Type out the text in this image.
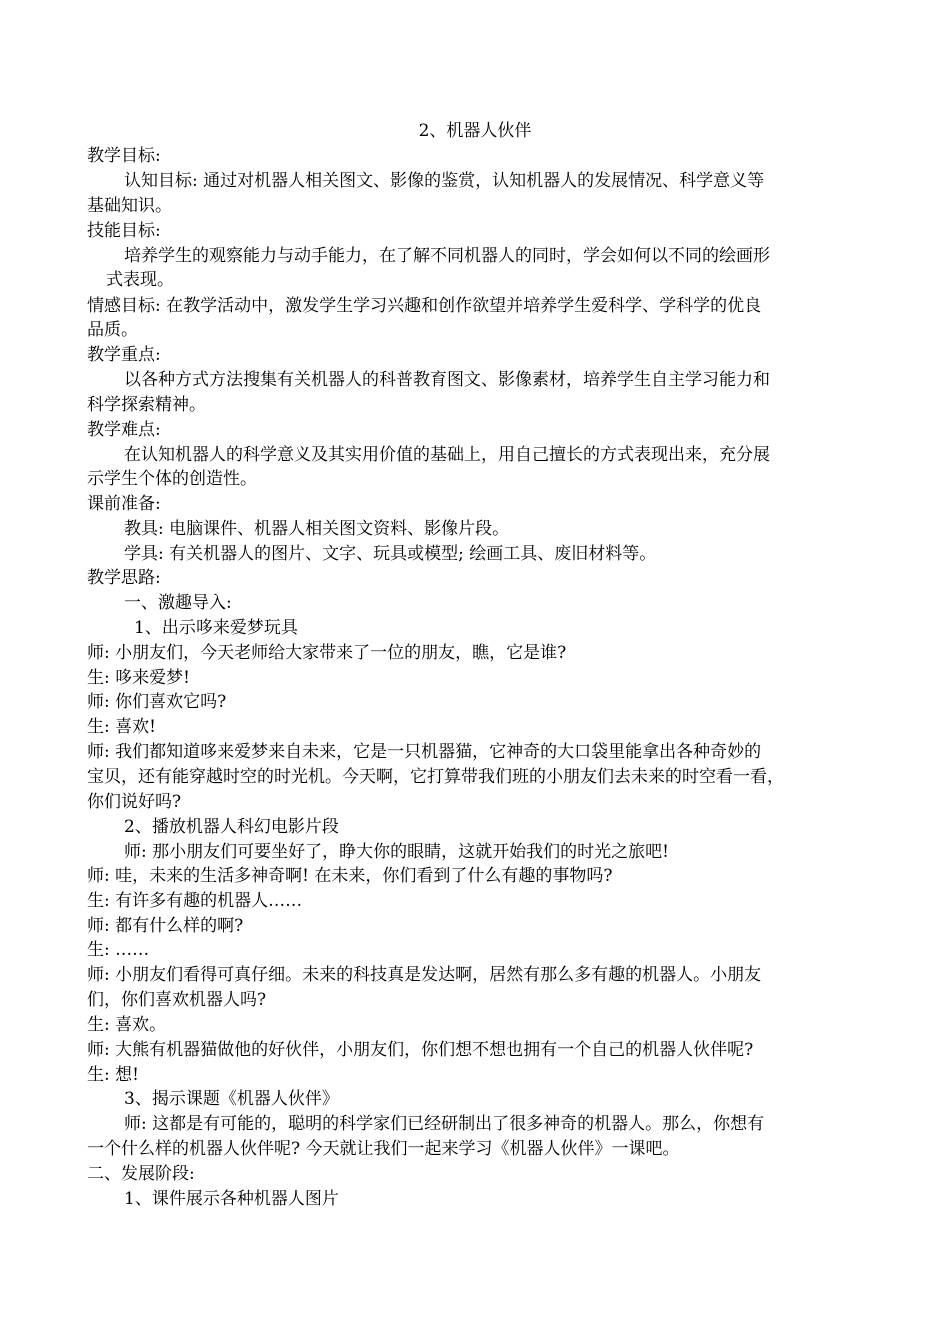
2、机器人伙伴
教学目标:
认知目标: 通过对机器人相关图文、影像的鉴赏，认知机器人的发展情况、科学意义等
基础知识。
技能目标:
培养学生的观察能力与动手能力，在了解不同机器人的同时，学会如何以不同的绘画形
式表现。
情感目标: 在教学活动中，激发学生学习兴趣和创作欲望并培养学生爱科学、学科学的优良
品质。
教学重点:
以各种方式方法搜集有关机器人的科普教育图文、影像素材，培养学生自主学习能力和
科学探索精神。
教学难点:
在认知机器人的科学意义及其实用价值的基础上，用自己擅长的方式表现出来，充分展
示学生个体的创造性。
课前准备:
教具: 电脑课件、机器人相关图文资料、影像片段。
学具: 有关机器人的图片、文字、玩具或模型; 绘画工具、废旧材料等。
教学思路:
一、激趣导入:
1、出示哆来爱梦玩具
师: 小朋友们，今天老师给大家带来了一位的朋友，瞧，它是谁?
生: 哆来爱梦!
师: 你们喜欢它吗?
生: 喜欢!
师: 我们都知道哆来爱梦来自未来，它是一只机器猫，它神奇的大口袋里能拿出各种奇妙的
宝贝，还有能穿越时空的时光机。今天啊，它打算带我们班的小朋友们去未来的时空看一看，
你们说好吗?
2、播放机器人科幻电影片段
师: 那小朋友们可要坐好了，睁大你的眼睛，这就开始我们的时光之旅吧!
师: 哇，未来的生活多神奇啊! 在未来，你们看到了什么有趣的事物吗?
生: 有许多有趣的机器人……
师: 都有什么样的啊?
生: ……
师: 小朋友们看得可真仔细。未来的科技真是发达啊，居然有那么多有趣的机器人。小朋友
们，你们喜欢机器人吗?
生: 喜欢。
师: 大熊有机器猫做他的好伙伴，小朋友们，你们想不想也拥有一个自己的机器人伙伴呢?
生: 想!
3、揭示课题《机器人伙伴》
师: 这都是有可能的，聪明的科学家们已经研制出了很多神奇的机器人。那么，你想有
一个什么样的机器人伙伴呢? 今天就让我们一起来学习《机器人伙伴》一课吧。
二、发展阶段:
1、课件展示各种机器人图片
